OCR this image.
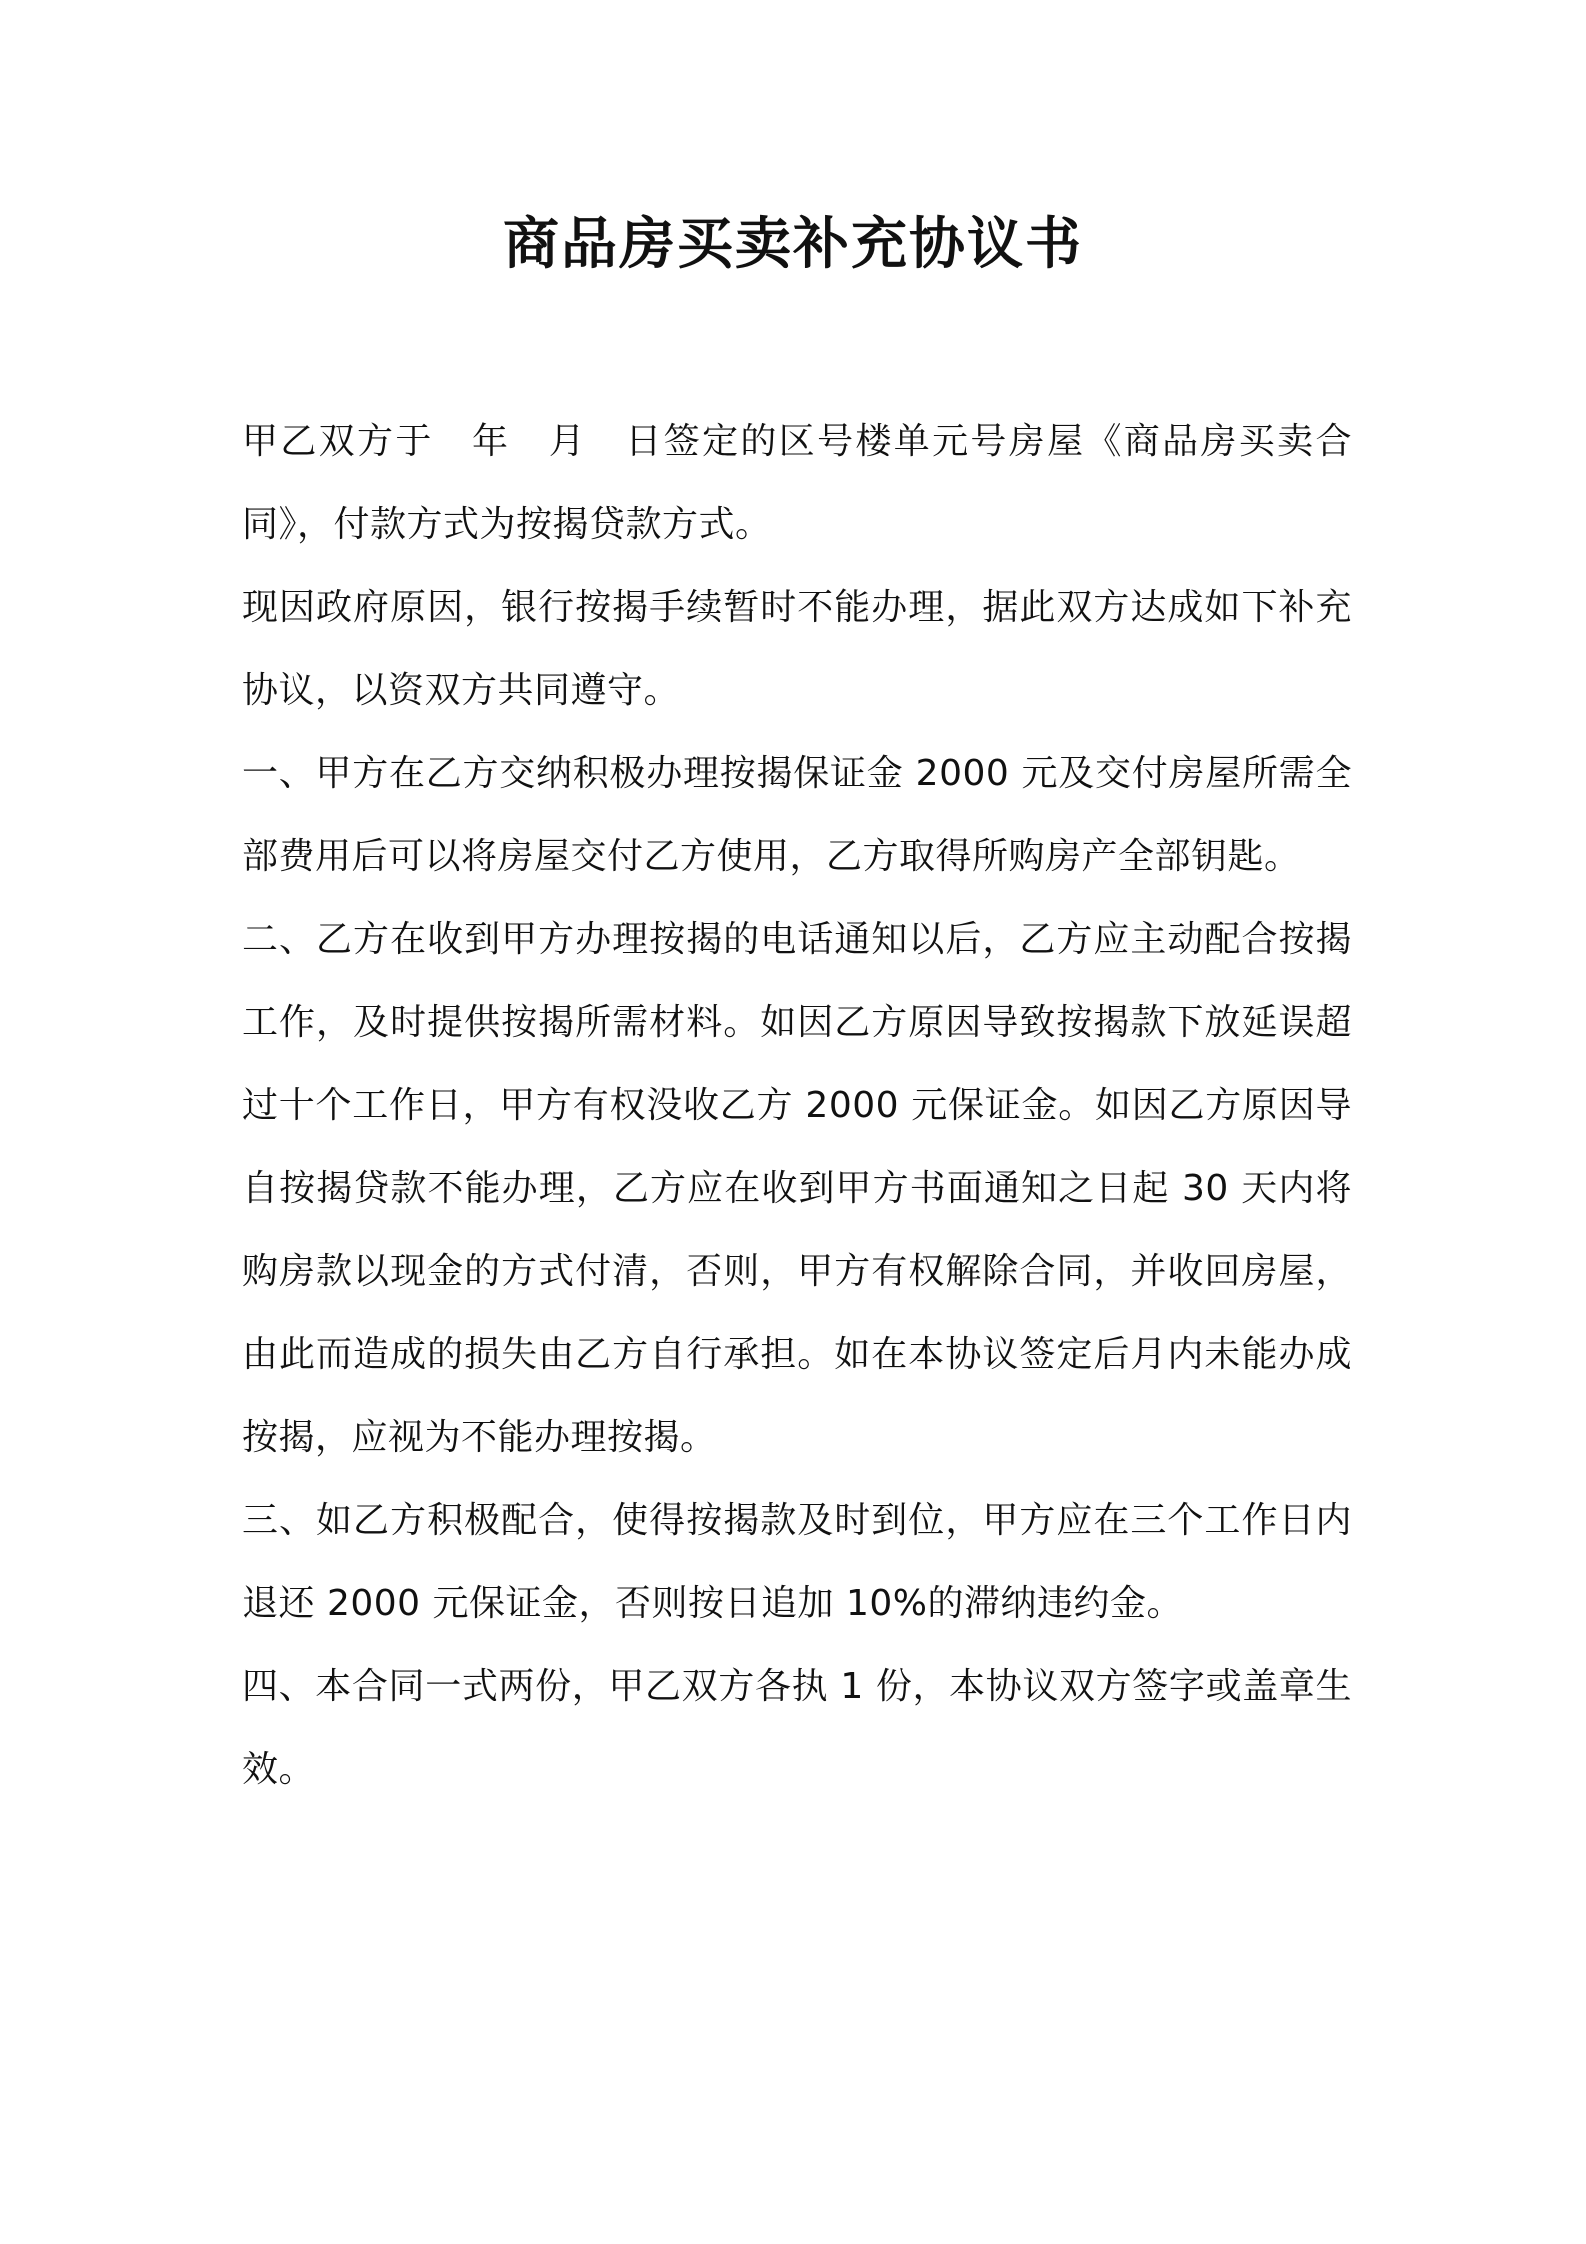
商品房买卖补充协议书

甲乙双方于　年　月　日签定的区号楼单元号房屋《商品房买卖合同》，付款方式为按揭贷款方式。

现因政府原因，银行按揭手续暂时不能办理，据此双方达成如下补充协议，以资双方共同遵守。

一、甲方在乙方交纳积极办理按揭保证金 2000 元及交付房屋所需全部费用后可以将房屋交付乙方使用，乙方取得所购房产全部钥匙。

二、乙方在收到甲方办理按揭的电话通知以后，乙方应主动配合按揭工作，及时提供按揭所需材料。如因乙方原因导致按揭款下放延误超过十个工作日，甲方有权没收乙方 2000 元保证金。如因乙方原因导自按揭贷款不能办理，乙方应在收到甲方书面通知之日起 30 天内将购房款以现金的方式付清，否则，甲方有权解除合同，并收回房屋，由此而造成的损失由乙方自行承担。如在本协议签定后月内未能办成按揭，应视为不能办理按揭。

三、如乙方积极配合，使得按揭款及时到位，甲方应在三个工作日内退还 2000 元保证金，否则按日追加 10%的滞纳违约金。

四、本合同一式两份，甲乙双方各执 1 份，本协议双方签字或盖章生效。
